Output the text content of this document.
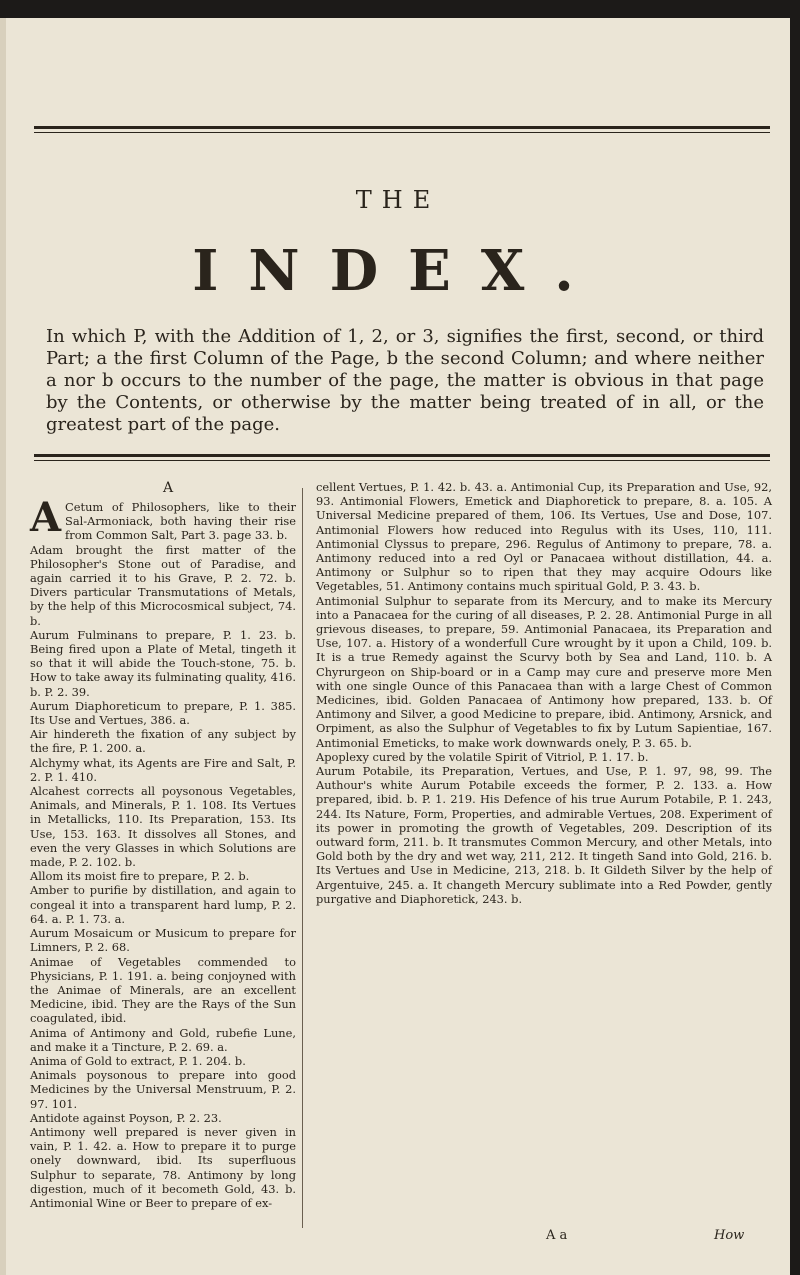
THE
INDEX.
In which P, with the Addition of 1, 2, or 3, signifies the first, second, or third Part; a the first Column of the Page, b the second Column; and where neither a nor b occurs to the number of the page, the matter is obvious in that page by the Contents, or otherwise by the matter being treated of in all, or the greatest part of the page.
A
A Cetum of Philosophers, like to their Sal-Armoniack, both having their rise from Common Salt, Part 3. page 33. b.

Adam brought the first matter of the Philosopher's Stone out of Paradise, and again carried it to his Grave, P. 2. 72. b. Divers particular Transmutations of Metals, by the help of this Microcosmical subject, 74. b.

Aurum Fulminans to prepare, P. 1. 23. b. Being fired upon a Plate of Metal, tingeth it so that it will abide the Touch-stone, 75. b. How to take away its fulminating quality, 416. b. P. 2. 39.

Aurum Diaphoreticum to prepare, P. 1. 385. Its Use and Vertues, 386. a.

Air hindereth the fixation of any subject by the fire, P. 1. 200. a.

Alchymy what, its Agents are Fire and Salt, P. 2. P. 1. 410.

Alcahest corrects all poysonous Vegetables, Animals, and Minerals, P. 1. 108. Its Vertues in Metallicks, 110. Its Preparation, 153. Its Use, 153. 163. It dissolves all Stones, and even the very Glasses in which Solutions are made, P. 2. 102. b.

Allom its moist fire to prepare, P. 2. b.

Amber to purifie by distillation, and again to congeal it into a transparent hard lump, P. 2. 64. a. P. 1. 73. a.

Aurum Mosaicum or Musicum to prepare for Limners, P. 2. 68.

Animae of Vegetables commended to Physicians, P. 1. 191. a. being conjoyned with the Animae of Minerals, are an excellent Medicine, ibid. They are the Rays of the Sun coagulated, ibid.

Anima of Antimony and Gold, rubefie Lune, and make it a Tincture, P. 2. 69. a.

Anima of Gold to extract, P. 1. 204. b.

Animals poysonous to prepare into good Medicines by the Universal Menstruum, P. 2. 97. 101.

Antidote against Poyson, P. 2. 23.

Antimony well prepared is never given in vain, P. 1. 42. a. How to prepare it to purge onely downward, ibid. Its superfluous Sulphur to separate, 78. Antimony by long digestion, much of it becometh Gold, 43. b. Antimonial Wine or Beer to prepare of ex-

cellent Vertues, P. 1. 42. b. 43. a. Antimonial Cup, its Preparation and Use, 92, 93. Antimonial Flowers, Emetick and Diaphoretick to prepare, 8. a. 105. A Universal Medicine prepared of them, 106. Its Vertues, Use and Dose, 107. Antimonial Flowers how reduced into Regulus with its Uses, 110, 111. Antimonial Clyssus to prepare, 296. Regulus of Antimony to prepare, 78. a. Antimony reduced into a red Oyl or Panacaea without distillation, 44. a. Antimony or Sulphur so to ripen that they may acquire Odours like Vegetables, 51. Antimony contains much spiritual Gold, P. 3. 43. b.

Antimonial Sulphur to separate from its Mercury, and to make its Mercury into a Panacaea for the curing of all diseases, P. 2. 28. Antimonial Purge in all grievous diseases, to prepare, 59. Antimonial Panacaea, its Preparation and Use, 107. a. History of a wonderfull Cure wrought by it upon a Child, 109. b. It is a true Remedy against the Scurvy both by Sea and Land, 110. b. A Chyrurgeon on Ship-board or in a Camp may cure and preserve more Men with one single Ounce of this Panacaea than with a large Chest of Common Medicines, ibid. Golden Panacaea of Antimony how prepared, 133. b. Of Antimony and Silver, a good Medicine to prepare, ibid. Antimony, Arsnick, and Orpiment, as also the Sulphur of Vegetables to fix by Lutum Sapientiae, 167. Antimonial Emeticks, to make work downwards onely, P. 3. 65. b.

Apoplexy cured by the volatile Spirit of Vitriol, P. 1. 17. b.

Aurum Potabile, its Preparation, Vertues, and Use, P. 1. 97, 98, 99. The Authour's white Aurum Potabile exceeds the former, P. 2. 133. a. How prepared, ibid. b. P. 1. 219. His Defence of his true Aurum Potabile, P. 1. 243, 244. Its Nature, Form, Properties, and admirable Vertues, 208. Experiment of its power in promoting the growth of Vegetables, 209. Description of its outward form, 211. b. It transmutes Common Mercury, and other Metals, into Gold both by the dry and wet way, 211, 212. It tingeth Sand into Gold, 216. b. Its Vertues and Use in Medicine, 213, 218. b. It Gildeth Silver by the help of Argentuive, 245. a. It changeth Mercury sublimate into a Red Powder, gently purgative and Diaphoretick, 243. b.

A a	How
